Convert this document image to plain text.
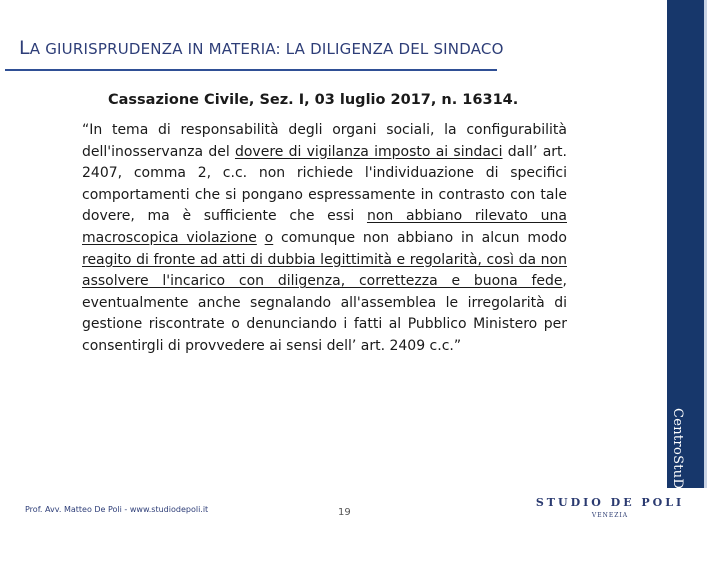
LA GIURISPRUDENZA IN MATERIA: LA DILIGENZA DEL SINDACO
Cassazione Civile, Sez. I, 03 luglio 2017, n. 16314.
“In tema di responsabilità degli organi sociali, la configurabilità dell'inosservanza del dovere di vigilanza imposto ai sindaci dall’ art. 2407, comma 2, c.c. non richiede l'individuazione di specifici comportamenti che si pongano espressamente in contrasto con tale dovere, ma è sufficiente che essi non abbiano rilevato una macroscopica violazione o comunque non abbiano in alcun modo reagito di fronte ad atti di dubbia legittimità e regolarità, così da non assolvere l'incarico con diligenza, correttezza e buona fede, eventualmente anche segnalando all'assemblea le irregolarità di gestione riscontrate o denunciando i fatti al Pubblico Ministero per consentirgli di provvedere ai sensi dell’ art. 2409 c.c.”
Prof. Avv. Matteo De Poli - www.studiodepoli.it	19	CentroStuDirittoImpresa
STUDIO DE POLI
VENEZIA
